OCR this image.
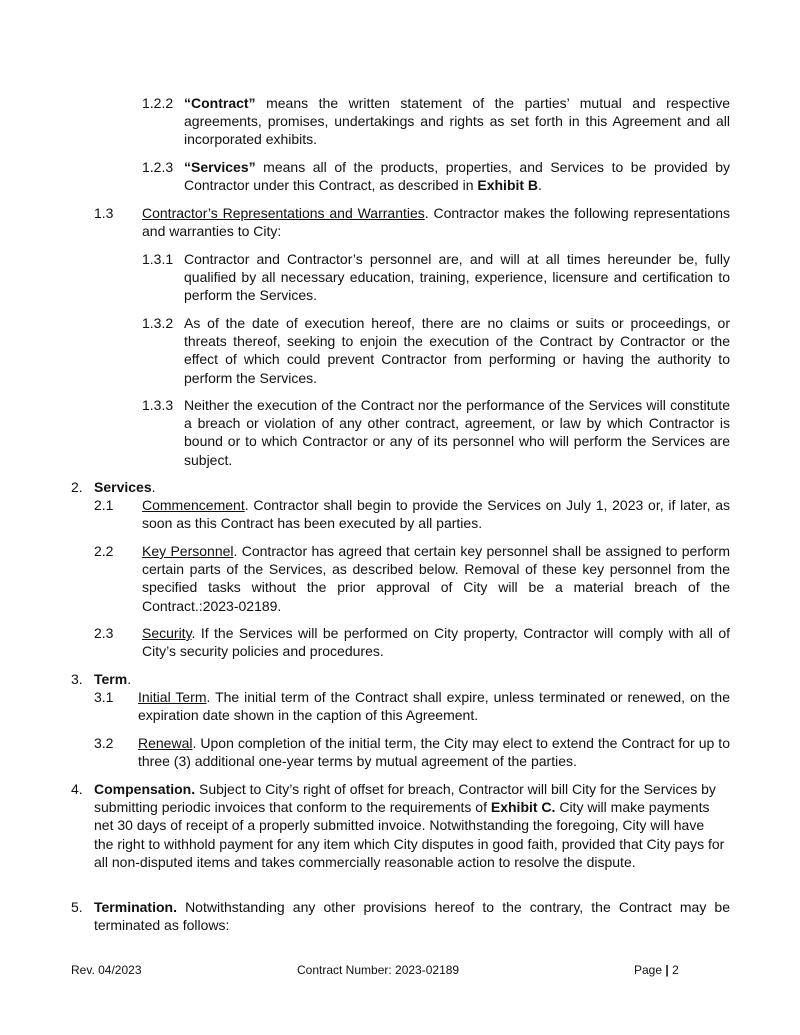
1.2.2 “Contract” means the written statement of the parties’ mutual and respective agreements, promises, undertakings and rights as set forth in this Agreement and all incorporated exhibits.
1.2.3 “Services” means all of the products, properties, and Services to be provided by Contractor under this Contract, as described in Exhibit B.
1.3 Contractor’s Representations and Warranties. Contractor makes the following representations and warranties to City:
1.3.1 Contractor and Contractor’s personnel are, and will at all times hereunder be, fully qualified by all necessary education, training, experience, licensure and certification to perform the Services.
1.3.2 As of the date of execution hereof, there are no claims or suits or proceedings, or threats thereof, seeking to enjoin the execution of the Contract by Contractor or the effect of which could prevent Contractor from performing or having the authority to perform the Services.
1.3.3 Neither the execution of the Contract nor the performance of the Services will constitute a breach or violation of any other contract, agreement, or law by which Contractor is bound or to which Contractor or any of its personnel who will perform the Services are subject.
2. Services.
2.1 Commencement. Contractor shall begin to provide the Services on July 1, 2023 or, if later, as soon as this Contract has been executed by all parties.
2.2 Key Personnel. Contractor has agreed that certain key personnel shall be assigned to perform certain parts of the Services, as described below. Removal of these key personnel from the specified tasks without the prior approval of City will be a material breach of the Contract.:2023-02189.
2.3 Security. If the Services will be performed on City property, Contractor will comply with all of City’s security policies and procedures.
3. Term.
3.1 Initial Term. The initial term of the Contract shall expire, unless terminated or renewed, on the expiration date shown in the caption of this Agreement.
3.2 Renewal. Upon completion of the initial term, the City may elect to extend the Contract for up to three (3) additional one-year terms by mutual agreement of the parties.
4. Compensation. Subject to City’s right of offset for breach, Contractor will bill City for the Services by submitting periodic invoices that conform to the requirements of Exhibit C. City will make payments net 30 days of receipt of a properly submitted invoice. Notwithstanding the foregoing, City will have the right to withhold payment for any item which City disputes in good faith, provided that City pays for all non-disputed items and takes commercially reasonable action to resolve the dispute.
5. Termination. Notwithstanding any other provisions hereof to the contrary, the Contract may be terminated as follows:
Rev. 04/2023	Contract Number: 2023-02189	Page | 2
